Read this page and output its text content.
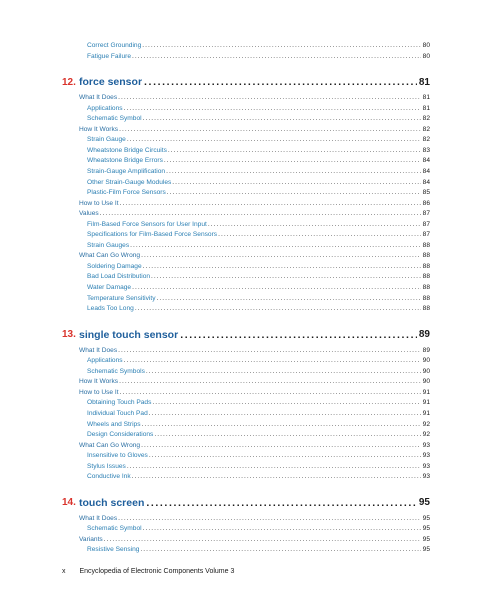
Correct Grounding .....	80
Fatigue Failure .....	80
12. force sensor .....	81
What It Does .....	81
Applications .....	81
Schematic Symbol .....	82
How It Works .....	82
Strain Gauge .....	82
Wheatstone Bridge Circuits .....	83
Wheatstone Bridge Errors .....	84
Strain-Gauge Amplification .....	84
Other Strain-Gauge Modules .....	84
Plastic-Film Force Sensors .....	85
How to Use It .....	86
Values .....	87
Film-Based Force Sensors for User Input .....	87
Specifications for Film-Based Force Sensors .....	87
Strain Gauges .....	88
What Can Go Wrong .....	88
Soldering Damage .....	88
Bad Load Distribution .....	88
Water Damage .....	88
Temperature Sensitivity .....	88
Leads Too Long .....	88
13. single touch sensor .....	89
What It Does .....	89
Applications .....	90
Schematic Symbols .....	90
How It Works .....	90
How to Use It .....	91
Obtaining Touch Pads .....	91
Individual Touch Pad .....	91
Wheels and Strips .....	92
Design Considerations .....	92
What Can Go Wrong .....	93
Insensitive to Gloves .....	93
Stylus Issues .....	93
Conductive Ink .....	93
14. touch screen .....	95
What It Does .....	95
Schematic Symbol .....	95
Variants .....	95
Resistive Sensing .....	95
x Encyclopedia of Electronic Components Volume 3
